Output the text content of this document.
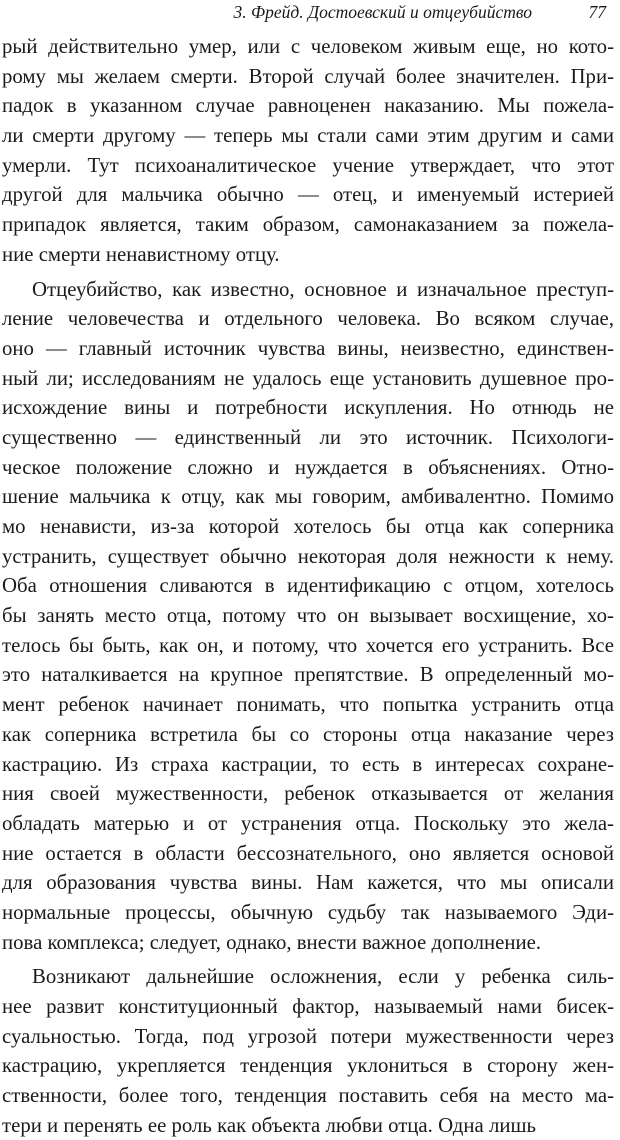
3. Фрейд. Достоевский и отцеубийство	77
рый действительно умер, или с человеком живым еще, но кото-
рому мы желаем смерти. Второй случай более значителен. При-
падок в указанном случае равноценен наказанию. Мы пожела-
ли смерти другому — теперь мы стали сами этим другим и сами
умерли. Тут психоаналитическое учение утверждает, что этот
другой для мальчика обычно — отец, и именуемый истерией
припадок является, таким образом, самонаказанием за пожела-
ние смерти ненавистному отцу.
Отцеубийство, как известно, основное и изначальное преступ-
ление человечества и отдельного человека. Во всяком случае,
оно — главный источник чувства вины, неизвестно, единствен-
ный ли; исследованиям не удалось еще установить душевное про-
исхождение вины и потребности искупления. Но отнюдь не
существенно — единственный ли это источник. Психологи-
ческое положение сложно и нуждается в объяснениях. Отно-
шение мальчика к отцу, как мы говорим, амбивалентно. Помимо
мо ненависти, из-за которой хотелось бы отца как соперника
устранить, существует обычно некоторая доля нежности к нему.
Оба отношения сливаются в идентификацию с отцом, хотелось
бы занять место отца, потому что он вызывает восхищение, хо-
телось бы быть, как он, и потому, что хочется его устранить. Все
это наталкивается на крупное препятствие. В определенный мо-
мент ребенок начинает понимать, что попытка устранить отца
как соперника встретила бы со стороны отца наказание через
кастрацию. Из страха кастрации, то есть в интересах сохране-
ния своей мужественности, ребенок отказывается от желания
обладать матерью и от устранения отца. Поскольку это жела-
ние остается в области бессознательного, оно является основой
для образования чувства вины. Нам кажется, что мы описали
нормальные процессы, обычную судьбу так называемого Эди-
пова комплекса; следует, однако, внести важное дополнение.
Возникают дальнейшие осложнения, если у ребенка силь-
нее развит конституционный фактор, называемый нами бисек-
суальностью. Тогда, под угрозой потери мужественности через
кастрацию, укрепляется тенденция уклониться в сторону жен-
ственности, более того, тенденция поставить себя на место ма-
тери и перенять ее роль как объекта любви отца. Одна лишь
